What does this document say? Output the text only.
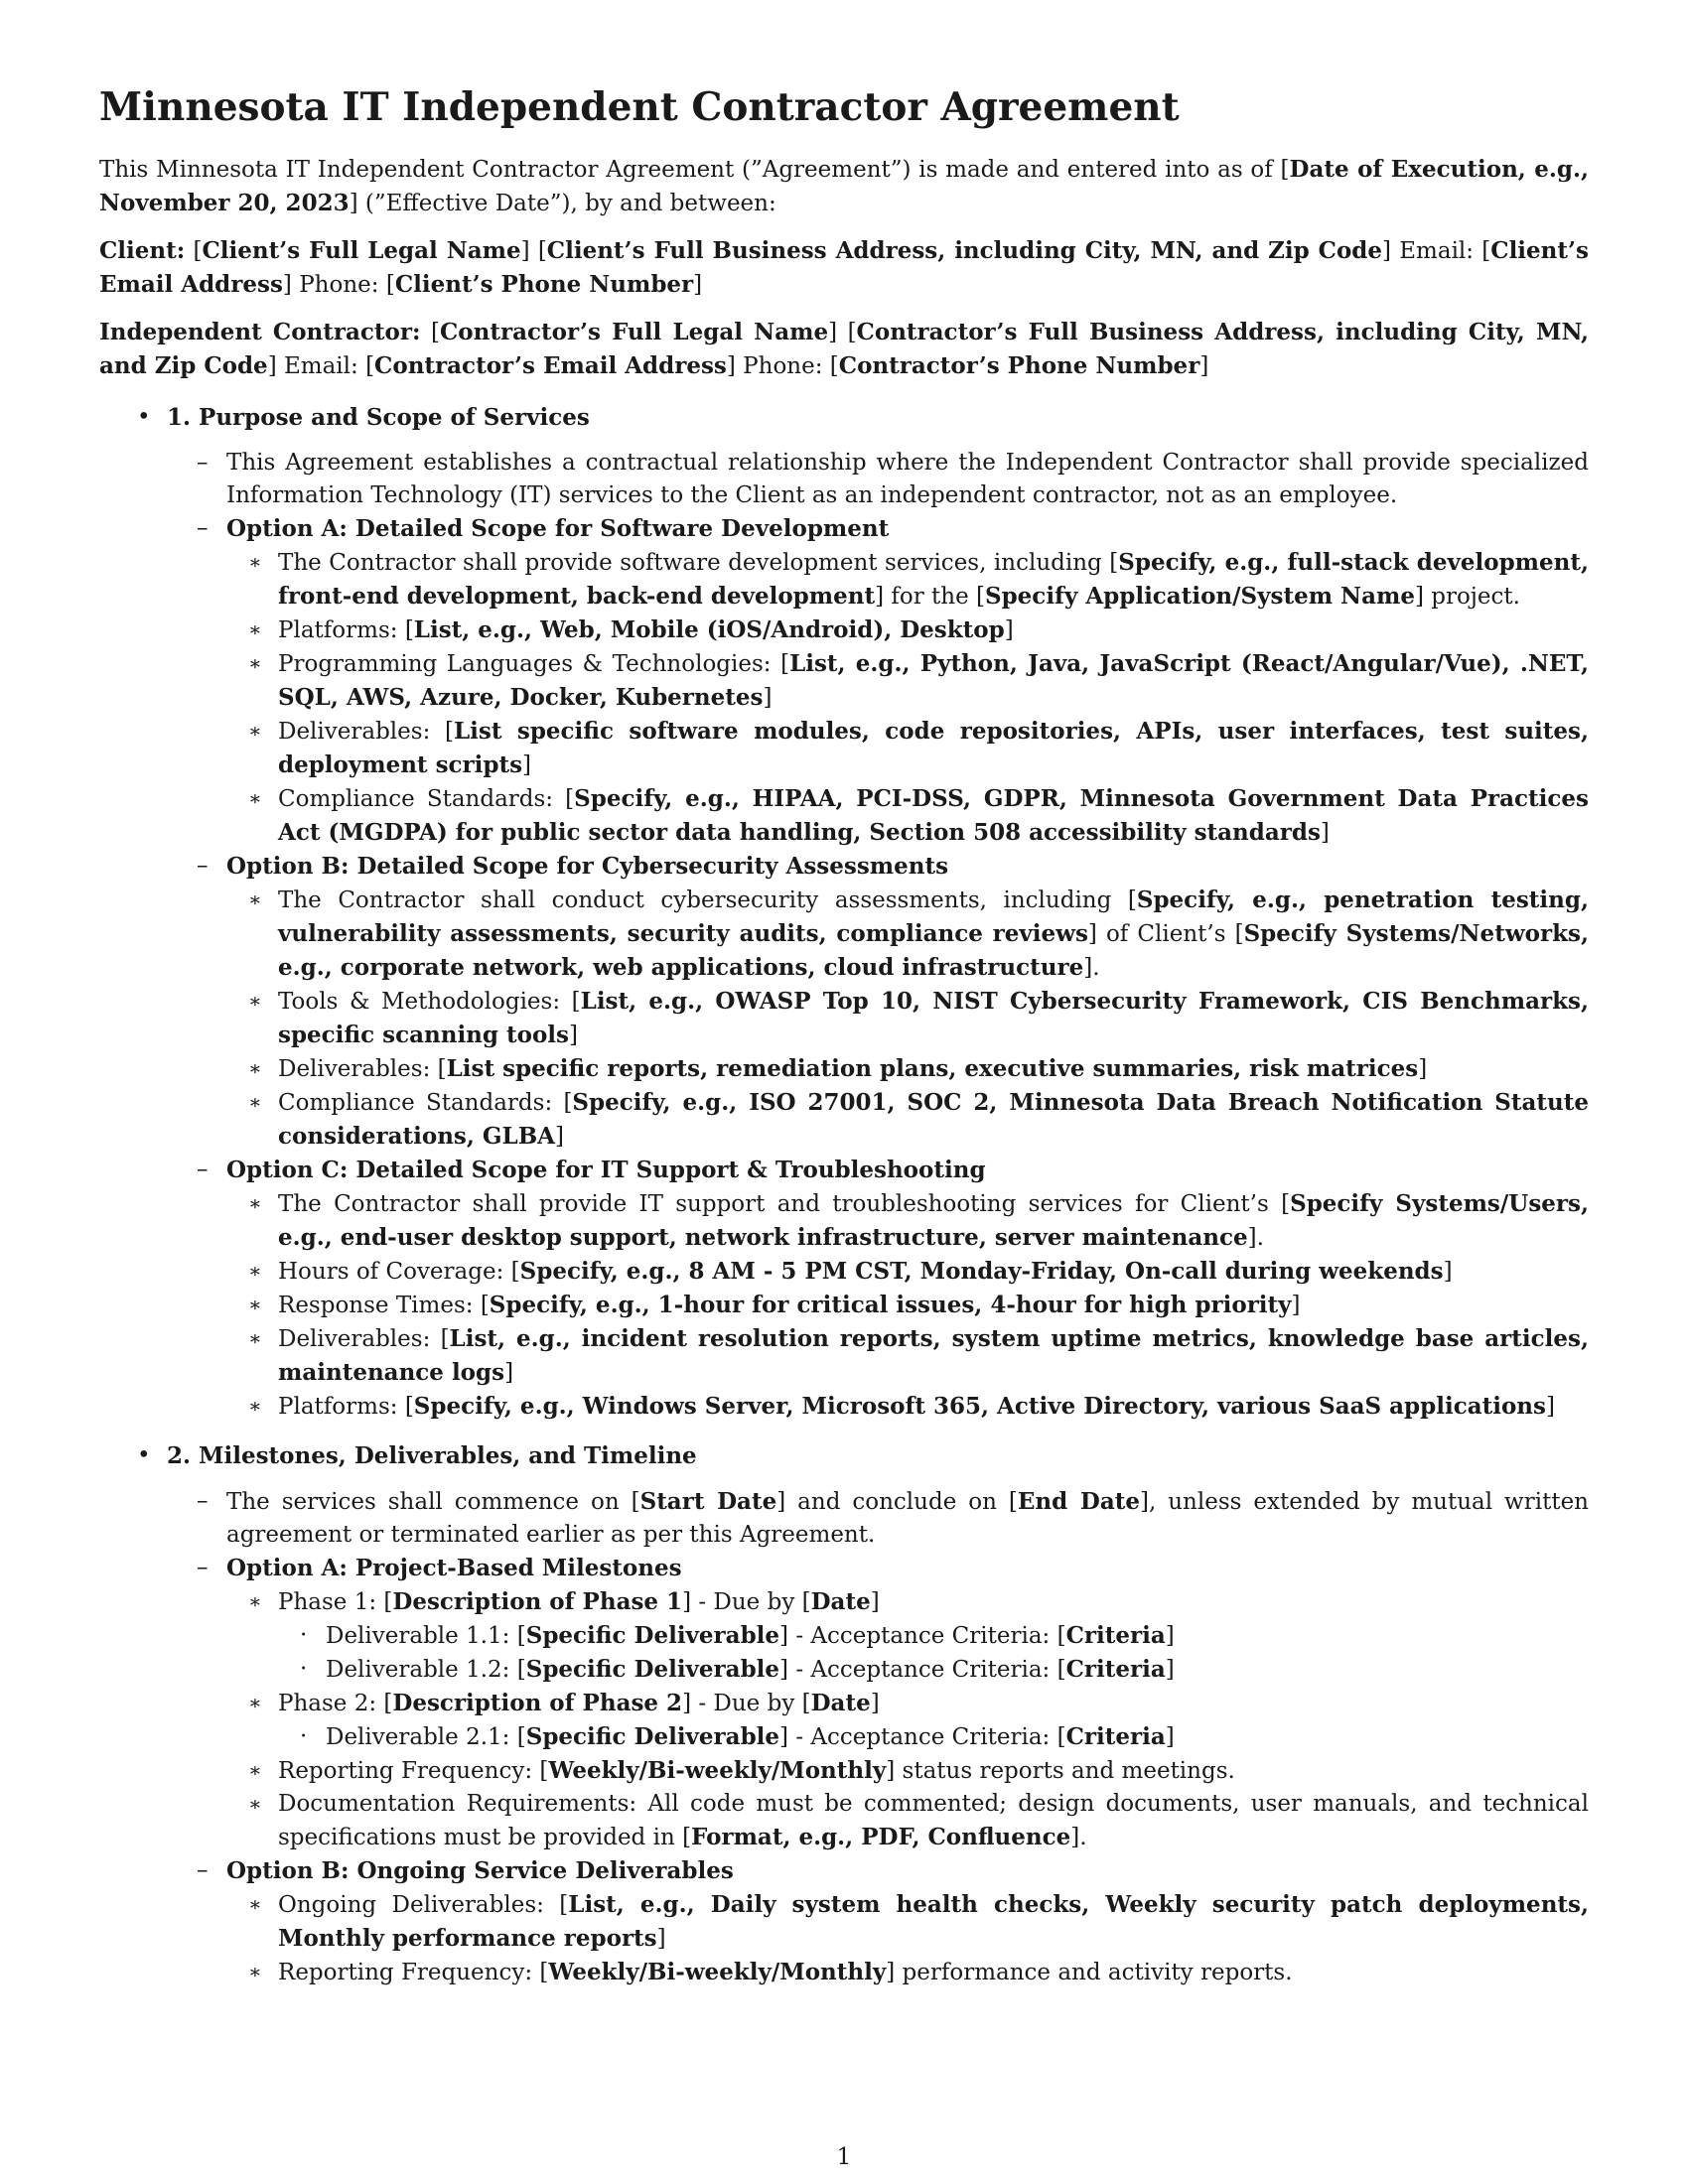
Minnesota IT Independent Contractor Agreement

This Minnesota IT Independent Contractor Agreement (”Agreement”) is made and entered into as of [Date of Execution, e.g., November 20, 2023] (”Effective Date”), by and between:

Client: [Client’s Full Legal Name] [Client’s Full Business Address, including City, MN, and Zip Code] Email: [Client’s Email Address] Phone: [Client’s Phone Number]

Independent Contractor: [Contractor’s Full Legal Name] [Contractor’s Full Business Address, including City, MN, and Zip Code] Email: [Contractor’s Email Address] Phone: [Contractor’s Phone Number]

• 1. Purpose and Scope of Services
– This Agreement establishes a contractual relationship where the Independent Contractor shall provide specialized Information Technology (IT) services to the Client as an independent contractor, not as an employee.
– Option A: Detailed Scope for Software Development
∗ The Contractor shall provide software development services, including [Specify, e.g., full-stack development, front-end development, back-end development] for the [Specify Application/System Name] project.
∗ Platforms: [List, e.g., Web, Mobile (iOS/Android), Desktop]
∗ Programming Languages & Technologies: [List, e.g., Python, Java, JavaScript (React/Angular/Vue), .NET, SQL, AWS, Azure, Docker, Kubernetes]
∗ Deliverables: [List specific software modules, code repositories, APIs, user interfaces, test suites, deployment scripts]
∗ Compliance Standards: [Specify, e.g., HIPAA, PCI-DSS, GDPR, Minnesota Government Data Practices Act (MGDPA) for public sector data handling, Section 508 accessibility standards]
– Option B: Detailed Scope for Cybersecurity Assessments
∗ The Contractor shall conduct cybersecurity assessments, including [Specify, e.g., penetration testing, vulnerability assessments, security audits, compliance reviews] of Client’s [Specify Systems/Networks, e.g., corporate network, web applications, cloud infrastructure].
∗ Tools & Methodologies: [List, e.g., OWASP Top 10, NIST Cybersecurity Framework, CIS Benchmarks, specific scanning tools]
∗ Deliverables: [List specific reports, remediation plans, executive summaries, risk matrices]
∗ Compliance Standards: [Specify, e.g., ISO 27001, SOC 2, Minnesota Data Breach Notification Statute considerations, GLBA]
– Option C: Detailed Scope for IT Support & Troubleshooting
∗ The Contractor shall provide IT support and troubleshooting services for Client’s [Specify Systems/Users, e.g., end-user desktop support, network infrastructure, server maintenance].
∗ Hours of Coverage: [Specify, e.g., 8 AM - 5 PM CST, Monday-Friday, On-call during weekends]
∗ Response Times: [Specify, e.g., 1-hour for critical issues, 4-hour for high priority]
∗ Deliverables: [List, e.g., incident resolution reports, system uptime metrics, knowledge base articles, maintenance logs]
∗ Platforms: [Specify, e.g., Windows Server, Microsoft 365, Active Directory, various SaaS applications]
• 2. Milestones, Deliverables, and Timeline
– The services shall commence on [Start Date] and conclude on [End Date], unless extended by mutual written agreement or terminated earlier as per this Agreement.
– Option A: Project-Based Milestones
∗ Phase 1: [Description of Phase 1] - Due by [Date]
· Deliverable 1.1: [Specific Deliverable] - Acceptance Criteria: [Criteria]
· Deliverable 1.2: [Specific Deliverable] - Acceptance Criteria: [Criteria]
∗ Phase 2: [Description of Phase 2] - Due by [Date]
· Deliverable 2.1: [Specific Deliverable] - Acceptance Criteria: [Criteria]
∗ Reporting Frequency: [Weekly/Bi-weekly/Monthly] status reports and meetings.
∗ Documentation Requirements: All code must be commented; design documents, user manuals, and technical specifications must be provided in [Format, e.g., PDF, Confluence].
– Option B: Ongoing Service Deliverables
∗ Ongoing Deliverables: [List, e.g., Daily system health checks, Weekly security patch deployments, Monthly performance reports]
∗ Reporting Frequency: [Weekly/Bi-weekly/Monthly] performance and activity reports.
1
